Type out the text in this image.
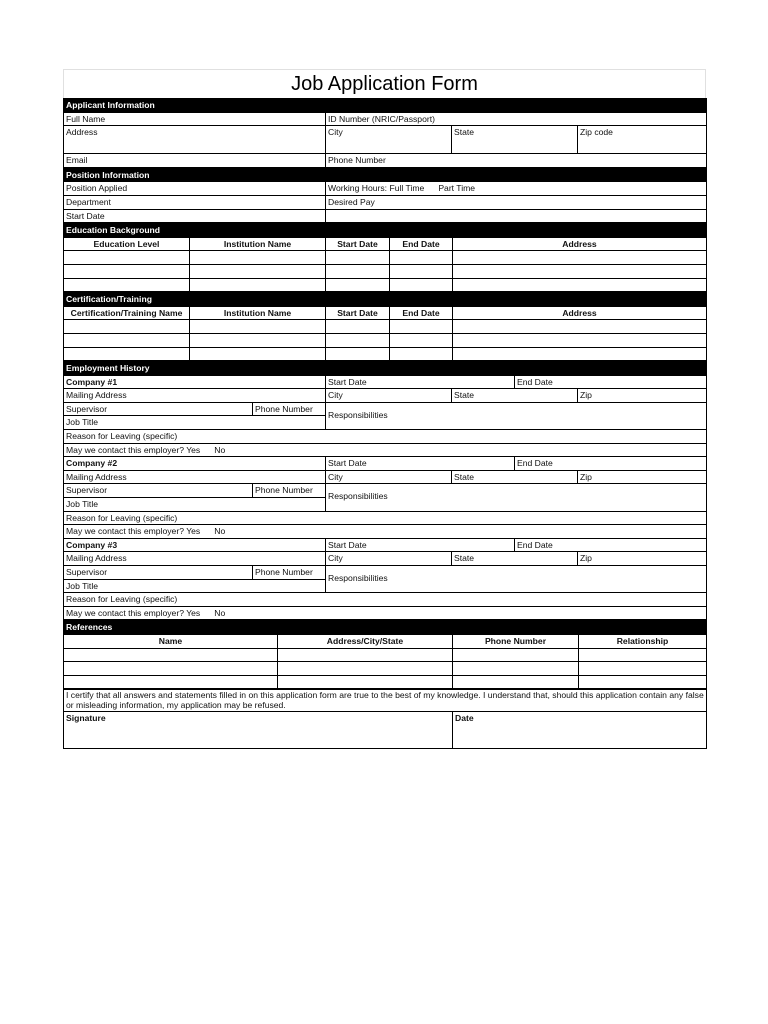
Job Application Form
Applicant Information			
Full Name	ID Number (NRIC/Passport)		
Address	City	State	Zip code
Email	Phone Number		
Position Information	
Position Applied	Working Hours: Full Time Part Time
Department	Desired Pay
Start Date	
Education Background				
Education Level	Institution Name	Start Date	End Date	Address

Certification/Training				
Certification/Training Name	Institution Name	Start Date	End Date	Address

Employment History					
Company #1		Start Date		End Date	
Mailing Address		City	State		Zip
Supervisor	Phone Number	Responsibilities			

Job Title					
Reason for Leaving (specific)					
May we contact this employer? Yes No					
Company #2		Start Date		End Date	
Mailing Address		City	State		Zip
Supervisor	Phone Number	Responsibilities			

Job Title					
Reason for Leaving (specific)					
May we contact this employer? Yes No					
Company #3		Start Date		End Date	
Mailing Address		City	State		Zip
Supervisor	Phone Number	Responsibilities			

Job Title					
Reason for Leaving (specific)					
May we contact this employer? Yes No					
References			
Name	Address/City/State	Phone Number	Relationship

I certify that all answers and statements filled in on this application form are true to the best of my knowledge. I understand that, should this application contain any false or misleading information, my application may be refused.
Signature	Date
